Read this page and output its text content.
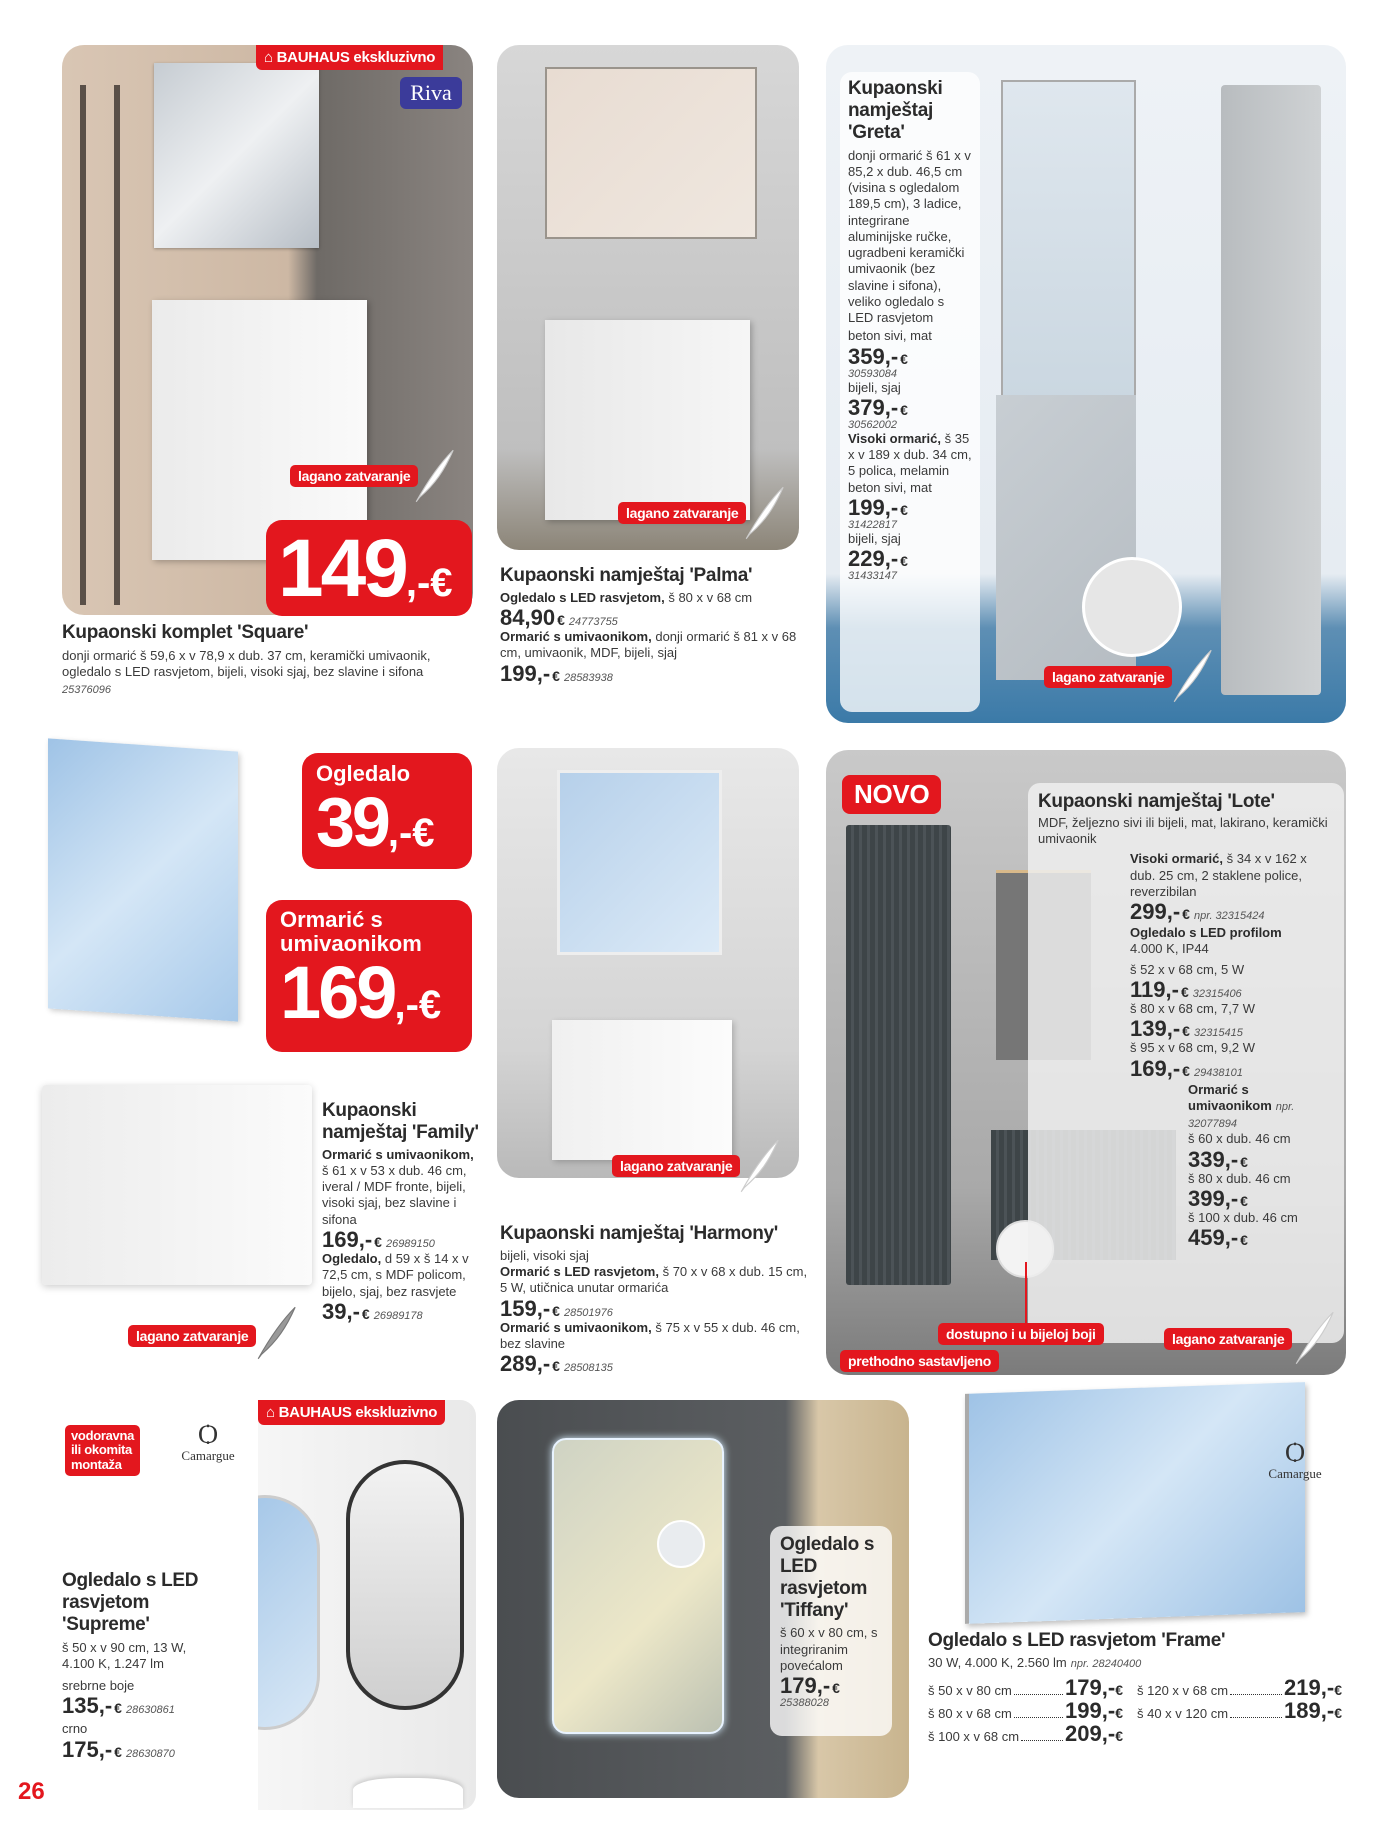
Riva
⌂ BAUHAUS ekskluzivno
lagano zatvaranje
149,-€
Kupaonski komplet 'Square'
donji ormarić š 59,6 x v 78,9 x dub. 37 cm, keramički umivaonik, ogledalo s LED rasvjetom, bijeli, visoki sjaj, bez slavine i sifona
25376096
lagano zatvaranje
Kupaonski namještaj 'Palma'
Ogledalo s LED rasvjetom, š 80 x v 68 cm
84,90 € 24773755
Ormarić s umivaonikom, donji ormarić š 81 x v 68 cm, umivaonik, MDF, bijeli, sjaj
199,- € 28583938
Kupaonski namještaj 'Greta'
donji ormarić š 61 x v 85,2 x dub. 46,5 cm (visina s ogledalom 189,5 cm), 3 ladice, integrirane aluminijske ručke, ugradbeni keramički umivaonik (bez slavine i sifona), veliko ogledalo s LED rasvjetom
beton sivi, mat
359,- €
30593084
bijeli, sjaj
379,- €
30562002
Visoki ormarić, š 35 x v 189 x dub. 34 cm, 5 polica, melamin
beton sivi, mat
199,- €
31422817
bijeli, sjaj
229,- €
31433147
lagano zatvaranje
Ogledalo
39,-€
Ormarić s umivaonikom
169,-€
lagano zatvaranje
Kupaonski namještaj 'Family'
Ormarić s umivaonikom, š 61 x v 53 x dub. 46 cm, iveral / MDF fronte, bijeli, visoki sjaj, bez slavine i sifona
169,- € 26989150
Ogledalo, d 59 x š 14 x v 72,5 cm, s MDF policom, bijelo, sjaj, bez rasvjete
39,- € 26989178
lagano zatvaranje
Kupaonski namještaj 'Harmony'
bijeli, visoki sjaj
Ormarić s LED rasvjetom, š 70 x v 68 x dub. 15 cm, 5 W, utičnica unutar ormarića
159,- € 28501976
Ormarić s umivaonikom, š 75 x v 55 x dub. 46 cm, bez slavine
289,- € 28508135
NOVO	Kupaonski namještaj 'Lote'
MDF, željezno sivi ili bijeli, mat, lakirano, keramički umivaonik
Visoki ormarić, š 34 x v 162 x dub. 25 cm, 2 staklene police, reverzibilan
299,- € npr. 32315424
Ogledalo s LED profilom
4.000 K, IP44
š 52 x v 68 cm, 5 W
119,- € 32315406
š 80 x v 68 cm, 7,7 W
139,- € 32315415
š 95 x v 68 cm, 9,2 W
169,- € 29438101
Ormarić s umivaonikom npr. 32077894
š 60 x dub. 46 cm
339,- €
š 80 x dub. 46 cm
399,- €
š 100 x dub. 46 cm
459,- €
dostupno i u bijeloj boji	lagano zatvaranje
prethodno sastavljeno
vodoravna
ili okomita
montaža
Ѻ
Camargue
⌂ BAUHAUS ekskluzivno
Ogledalo s LED rasvjetom 'Supreme'
š 50 x v 90 cm, 13 W, 4.100 K, 1.247 lm
srebrne boje
135,- € 28630861
crno
175,- € 28630870
26
Ogledalo s LED rasvjetom 'Tiffany'
š 60 x v 80 cm, s integriranim povećalom
179,- €
25388028
Ѻ
Camargue
Ogledalo s LED rasvjetom 'Frame'
30 W, 4.000 K, 2.560 lm npr. 28240400
š 50 x v 80 cm 179,- €
š 80 x v 68 cm 199,- €
š 100 x v 68 cm 209,- €
š 120 x v 68 cm	219,- €
š 40 x v 120 cm	189,- €
